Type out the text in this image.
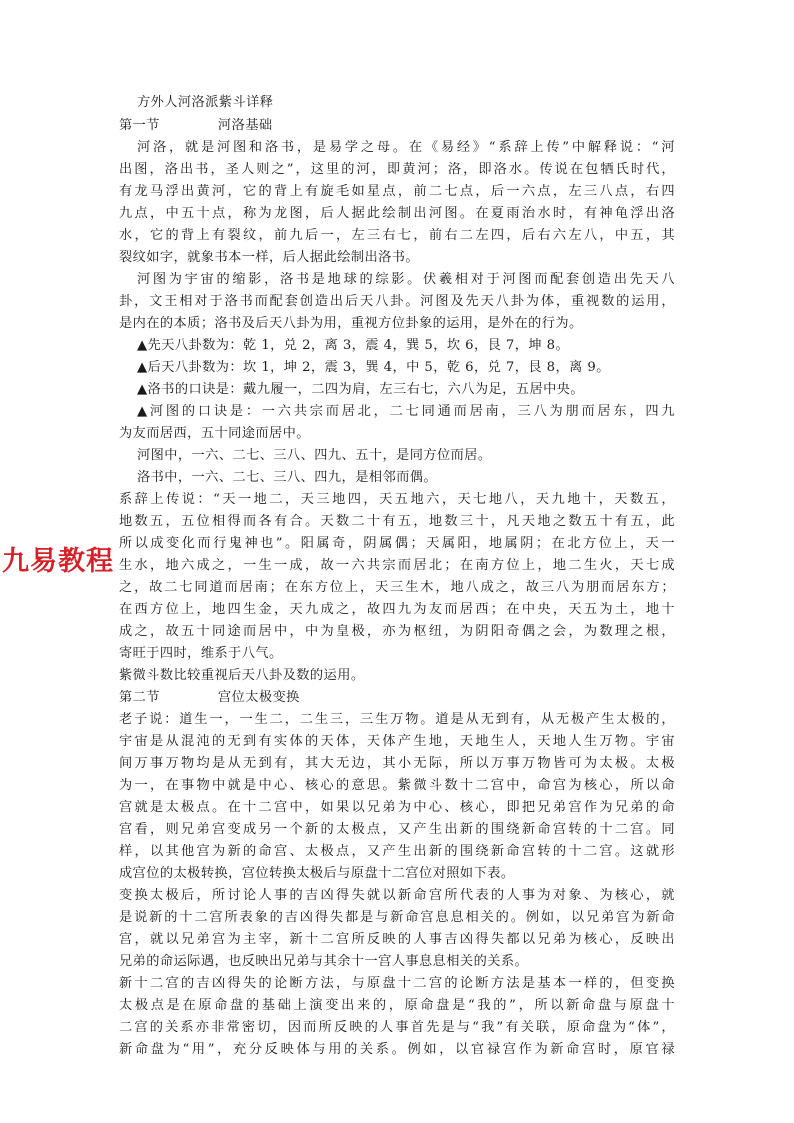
方外人河洛派紫斗详释
第一节	河洛基础
河洛，就是河图和洛书，是易学之母。在《易经》“系辞上传”中解释说：“河
出图，洛出书，圣人则之”，这里的河，即黄河；洛，即洛水。传说在包牺氏时代，
有龙马浮出黄河，它的背上有旋毛如星点，前二七点，后一六点，左三八点，右四
九点，中五十点，称为龙图，后人据此绘制出河图。在夏雨治水时，有神龟浮出洛
水，它的背上有裂纹，前九后一，左三右七，前右二左四，后右六左八，中五，其
裂纹如字，就象书本一样，后人据此绘制出洛书。
河图为宇宙的缩影，洛书是地球的综影。伏羲相对于河图而配套创造出先天八
卦，文王相对于洛书而配套创造出后天八卦。河图及先天八卦为体，重视数的运用，
是内在的本质；洛书及后天八卦为用，重视方位卦象的运用，是外在的行为。
▲先天八卦数为：乾 1，兑 2，离 3，震 4，巽 5，坎 6，艮 7，坤 8。
▲后天八卦数为：坎 1，坤 2，震 3，巽 4，中 5，乾 6，兑 7，艮 8，离 9。
▲洛书的口诀是：戴九履一，二四为肩，左三右七，六八为足，五居中央。
▲河图的口诀是：一六共宗而居北，二七同通而居南，三八为朋而居东，四九
为友而居西，五十同途而居中。
河图中，一六、二七、三八、四九、五十，是同方位而居。
洛书中，一六、二七、三八、四九，是相邻而偶。
系辞上传说：“天一地二，天三地四，天五地六，天七地八，天九地十，天数五，
地数五，五位相得而各有合。天数二十有五，地数三十，凡天地之数五十有五，此
所以成变化而行鬼神也”。阳属奇，阴属偶；天属阳，地属阴；在北方位上，天一
生水，地六成之，一生一成，故一六共宗而居北；在南方位上，地二生火，天七成
之，故二七同道而居南；在东方位上，天三生木，地八成之，故三八为朋而居东方；
在西方位上，地四生金，天九成之，故四九为友而居西；在中央，天五为土，地十
成之，故五十同途而居中，中为皇极，亦为枢纽，为阴阳奇偶之会，为数理之根，
寄旺于四时，维系于八气。
紫微斗数比较重视后天八卦及数的运用。
第二节	宫位太极变换
老子说：道生一，一生二，二生三，三生万物。道是从无到有，从无极产生太极的，
宇宙是从混沌的无到有实体的天体，天体产生地，天地生人，天地人生万物。宇宙
间万事万物均是从无到有，其大无边，其小无际，所以万事万物皆可为太极。太极
为一，在事物中就是中心、核心的意思。紫微斗数十二宫中，命宫为核心，所以命
宫就是太极点。在十二宫中，如果以兄弟为中心、核心，即把兄弟宫作为兄弟的命
宫看，则兄弟宫变成另一个新的太极点，又产生出新的围绕新命宫转的十二宫。同
样，以其他宫为新的命宫、太极点，又产生出新的围绕新命宫转的十二宫。这就形
成宫位的太极转换，宫位转换太极后与原盘十二宫位对照如下表。
变换太极后，所讨论人事的吉凶得失就以新命宫所代表的人事为对象、为核心，就
是说新的十二宫所表象的吉凶得失都是与新命宫息息相关的。例如，以兄弟宫为新命
宫，就以兄弟宫为主宰，新十二宫所反映的人事吉凶得失都以兄弟为核心，反映出
兄弟的命运际遇，也反映出兄弟与其余十一宫人事息息相关的关系。
新十二宫的吉凶得失的论断方法，与原盘十二宫的论断方法是基本一样的，但变换
太极点是在原命盘的基础上演变出来的，原命盘是“我的”，所以新命盘与原盘十
二宫的关系亦非常密切，因而所反映的人事首先是与“我”有关联，原命盘为“体”，
新命盘为“用”，充分反映体与用的关系。例如，以官禄宫作为新命宫时，原官禄
九易教程
